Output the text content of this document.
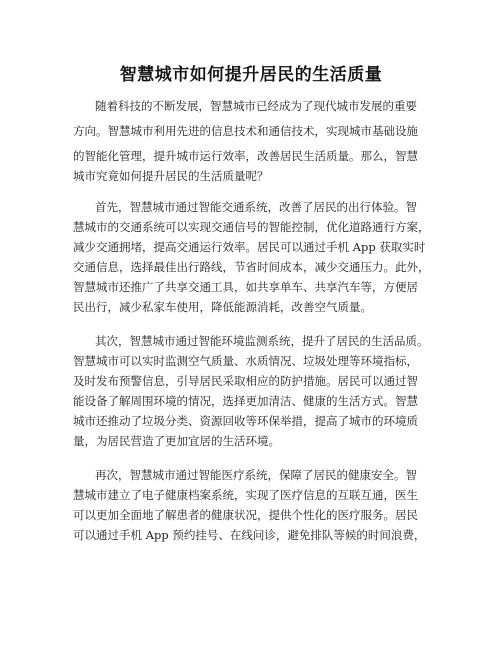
智慧城市如何提升居民的生活质量
随着科技的不断发展，智慧城市已经成为了现代城市发展的重要
方向。智慧城市利用先进的信息技术和通信技术，实现城市基础设施
的智能化管理，提升城市运行效率，改善居民生活质量。那么，智慧
城市究竟如何提升居民的生活质量呢？
首先，智慧城市通过智能交通系统，改善了居民的出行体验。智
慧城市的交通系统可以实现交通信号的智能控制，优化道路通行方案，
减少交通拥堵，提高交通运行效率。居民可以通过手机 App 获取实时
交通信息，选择最佳出行路线，节省时间成本，减少交通压力。此外，
智慧城市还推广了共享交通工具，如共享单车、共享汽车等，方便居
民出行，减少私家车使用，降低能源消耗，改善空气质量。
其次，智慧城市通过智能环境监测系统，提升了居民的生活品质。
智慧城市可以实时监测空气质量、水质情况、垃圾处理等环境指标，
及时发布预警信息，引导居民采取相应的防护措施。居民可以通过智
能设备了解周围环境的情况，选择更加清洁、健康的生活方式。智慧
城市还推动了垃圾分类、资源回收等环保举措，提高了城市的环境质
量，为居民营造了更加宜居的生活环境。
再次，智慧城市通过智能医疗系统，保障了居民的健康安全。智
慧城市建立了电子健康档案系统，实现了医疗信息的互联互通，医生
可以更加全面地了解患者的健康状况，提供个性化的医疗服务。居民
可以通过手机 App 预约挂号、在线问诊，避免排队等候的时间浪费，
